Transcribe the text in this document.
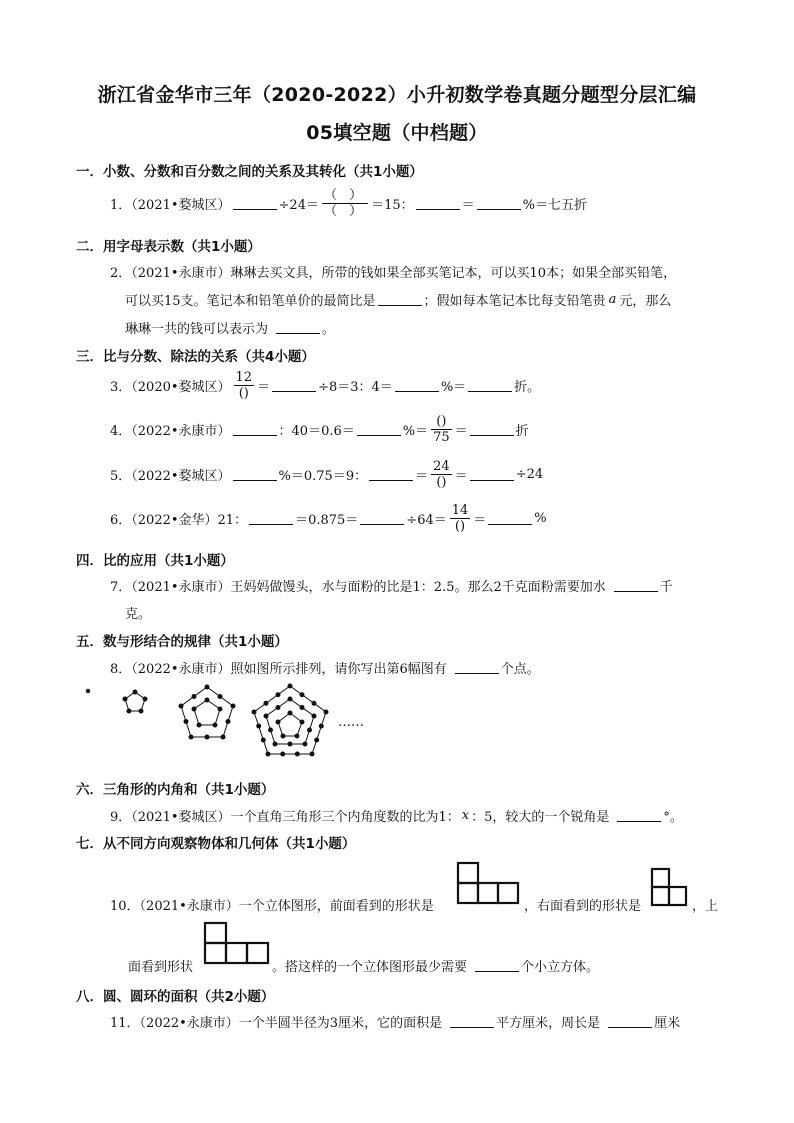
浙江省金华市三年（2020-2022）小升初数学卷真题分题型分层汇编
05填空题（中档题）
一．小数、分数和百分数之间的关系及其转化（共1小题）
1．（2021•婺城区）	$\div 24= \frac{( )}{( )} =15$：	＝	%＝七五折
二．用字母表示数（共1小题）
2．（2021•永康市）琳琳去买文具，所带的钱如果全部买笔记本，可以买10本；如果全部买铅笔，
可以买15支。笔记本和铅笔单价的最简比是	；假如每本笔记本比每支铅笔贵 a 元，那么
琳琳一共的钱可以表示为	。
三．比与分数、除法的关系（共4小题）
3．（2020•婺城区） $\frac{12}{()}$ ＝	÷8＝3：4＝	%＝	折。
4．（2022•永康市）	：40＝0.6＝	%＝ $\frac{()}{75}$ ＝	折
5．（2022•婺城区）	%＝0.75＝9：	＝ $\frac{24}{()}$ ＝	÷24
6．（2022•金华）21：	＝0.875＝	$\div 64= \frac{14}{()}$ ＝	%
四．比的应用（共1小题）
7．（2021•永康市）王妈妈做馒头，水与面粉的比是1：2.5。那么2千克面粉需要加水	千
克。
五．数与形结合的规律（共1小题）
8．（2022•永康市）照如图所示排列，请你写出第6幅图有	个点。
……
六．三角形的内角和（共1小题）
9．（2021•婺城区）一个直角三角形三个内角度数的比为1： x ：5，较大的一个锐角是	°。
七．从不同方向观察物体和几何体（共1小题）
10．（2021•永康市）一个立体图形，前面看到的形状是	，右面看到的形状是	，上
面看到形状	。搭这样的一个立体图形最少需要	个小立方体。
八．圆、圆环的面积（共2小题）
11．（2022•永康市）一个半圆半径为3厘米，它的面积是	平方厘米，周长是	厘米
